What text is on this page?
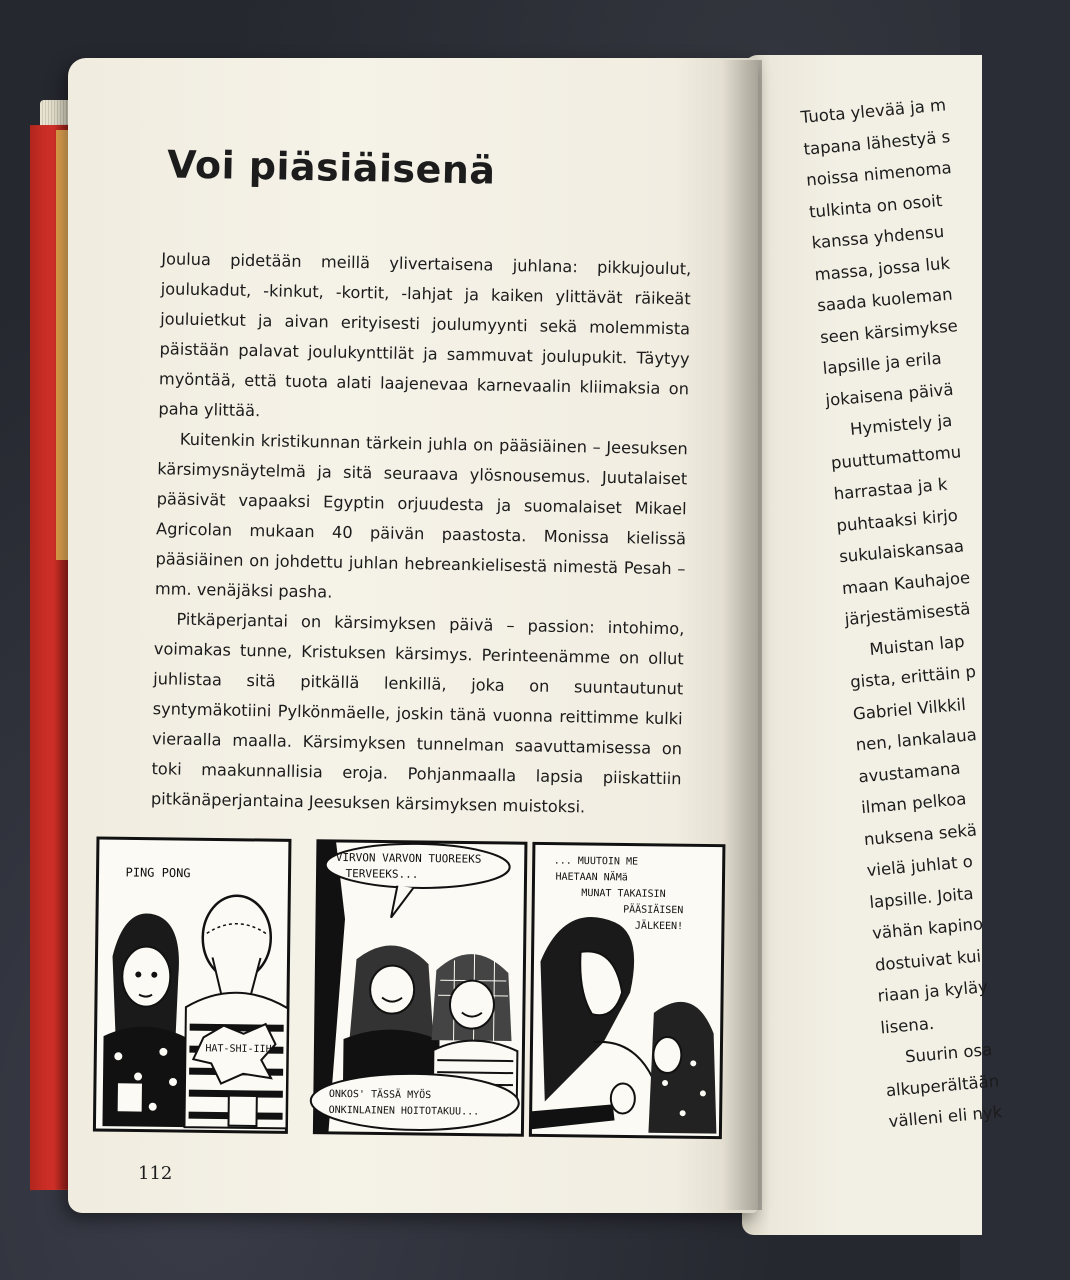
Tuota ylevää ja m
tapana lähestyä s
noissa nimenoma
tulkinta on osoit
kanssa yhdensu
massa, jossa luk
saada kuoleman
seen kärsimykse
lapsille ja erila
jokaisena päivä
Hymistely ja
puuttumattomu
harrastaa ja k
puhtaaksi kirjo
sukulaiskansaa
maan Kauhajoe
järjestämisestä
Muistan lap
gista, erittäin p
Gabriel Vilkkil
nen, lankalaua
avustamana
ilman pelkoa
nuksena sekä
vielä juhlat o
lapsille. Joita
vähän kapino
dostuivat kui
riaan ja kyläy
lisena.
Suurin osa
alkuperältään
välleni eli nyk
Voi piäsiäisenä

Joulua pidetään meillä ylivertaisena juhlana: pikkujoulut, joulukadut, -kinkut, -kortit, -lahjat ja kaiken ylittävät räikeät jouluietkut ja aivan erityisesti joulumyynti sekä molemmista päistään palavat joulukynttilät ja sammuvat joulupukit. Täytyy myöntää, että tuota alati laajenevaa karnevaalin kliimaksia on paha ylittää.

Kuitenkin kristikunnan tärkein juhla on pääsiäinen – Jeesuksen kärsimysnäytelmä ja sitä seuraava ylösnousemus. Juutalaiset pääsivät vapaaksi Egyptin orjuudesta ja suomalaiset Mikael Agricolan mukaan 40 päivän paastosta. Monissa kielissä pääsiäinen on johdettu juhlan hebreankielisestä nimestä Pesah – mm. venäjäksi pasha.

Pitkäperjantai on kärsimyksen päivä – passion: intohimo, voimakas tunne, Kristuksen kärsimys. Perinteenämme on ollut juhlistaa sitä pitkällä lenkillä, joka on suuntautunut syntymäkotiini Pylkönmäelle, joskin tänä vuonna reittimme kulki vieraalla maalla. Kärsimyksen tunnelman saavuttamisessa on toki maakunnallisia eroja. Pohjanmaalla lapsia piiskattiin pitkänäperjantaina Jeesuksen kärsimyksen muistoksi.

HAT-SHI-IIH
PING PONG
VIRVON VARVON TUOREEKS
TERVEEKS...
ONKOS' TÄSSÄ MYÖS
ONKINLAINEN HOITOTAKUU...
... MUUTOIN ME
HAETAAN NÄMä
MUNAT TAKAISIN
PÄÄSIÄISEN
JÄLKEEN!
112
